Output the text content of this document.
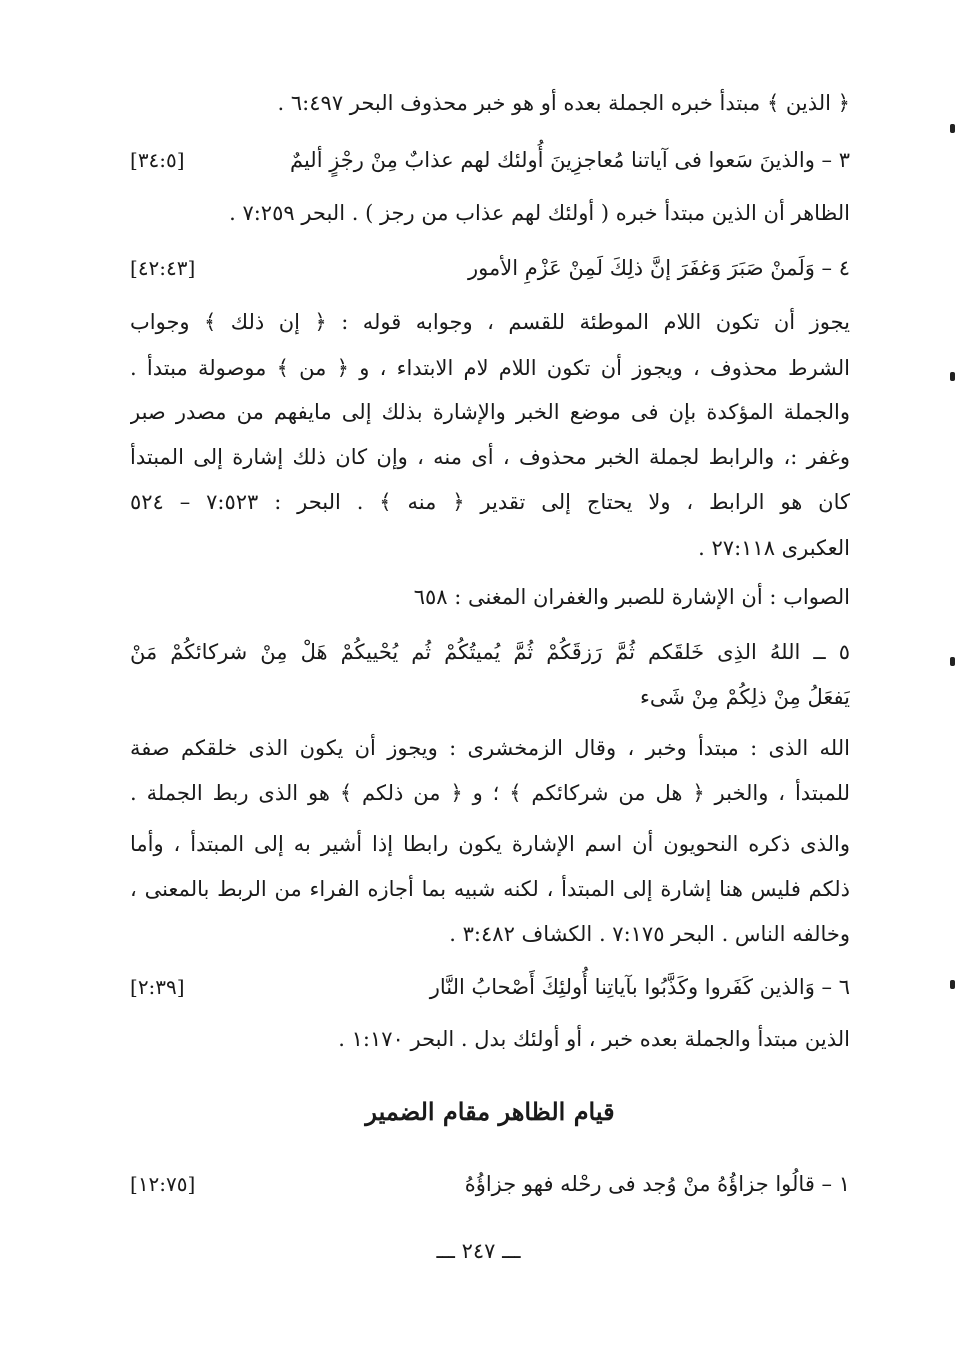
﴿ الذين ﴾ مبتدأ خبره الجملة بعده أو هو خبر محذوف البحر ٦:٤٩٧ .
٣ – والذينَ سَعوا فى آياتنا مُعاجزِينَ أُولئك لهم عذابٌ مِنْ رجْزٍ أليمٌ
[٣٤:٥]
الظاهر أن الذين مبتدأ خبره ( أولئك لهم عذاب من رجز ) . البحر ٧:٢٥٩ .
٤ – وَلَمنْ صَبَرَ وَغفَرَ إنَّ ذلِكَ لَمِنْ عَزْمِ الأمور
[٤٢:٤٣]
يجوز أن تكون اللام الموطئة للقسم ، وجوابه قوله : ﴿ إن ذلك ﴾ وجواب
الشرط محذوف ، ويجوز أن تكون اللام لام الابتداء ، و ﴿ من ﴾ موصولة مبتدأ .
والجملة المؤكدة بإن فى موضع الخبر والإشارة بذلك إلى مايفهم من مصدر صبر
وغفر :، والرابط لجملة الخبر محذوف ، أى منه ، وإن كان ذلك إشارة إلى المبتدأ
كان هو الرابط ، ولا يحتاج إلى تقدير ﴿ منه ﴾ . البحر : ٧:٥٢٣ – ٥٢٤
العكبرى ٢٧:١١٨ .
الصواب : أن الإشارة للصبر والغفران المغنى : ٦٥٨
٥ ــ اللهُ الذِى خَلقَكم ثُمَّ رَزقَكُمْ ثُمَّ يُميتُكُمْ ثُم يُحْييكُمْ هَلْ مِنْ شركائكُمْ مَنْ
يَفعَلُ مِنْ ذلِكُمْ مِنْ شَىء
الله الذى : مبتدأ وخبر ، وقال الزمخشرى : ويجوز أن يكون الذى خلقكم صفة
للمبتدأ ، والخبر ﴿ هل من شركائكم ﴾ ؛ و ﴿ من ذلكم ﴾ هو الذى ربط الجملة .
والذى ذكره النحويون أن اسم الإشارة يكون رابطا إذا أشير به إلى المبتدأ ، وأما
ذلكم فليس هنا إشارة إلى المبتدأ ، لكنه شبيه بما أجازه الفراء من الربط بالمعنى ،
وخالفه الناس . البحر ٧:١٧٥ . الكشاف ٣:٤٨٢ .
٦ – وَالذين كَفَروا وكَذَّبُوا بآياتِنا أُولئِكَ أَصْحابُ النَّار
[٢:٣٩]
الذين مبتدأ والجملة بعده خبر ، أو أولئك بدل . البحر ١:١٧٠ .
قيام الظاهر مقام الضمير
١ – قالُوا جزاؤُهُ منْ وُجد فى رحْله فهو جزاؤُهُ
[١٢:٧٥]
ـــ ٢٤٧ ـــ
